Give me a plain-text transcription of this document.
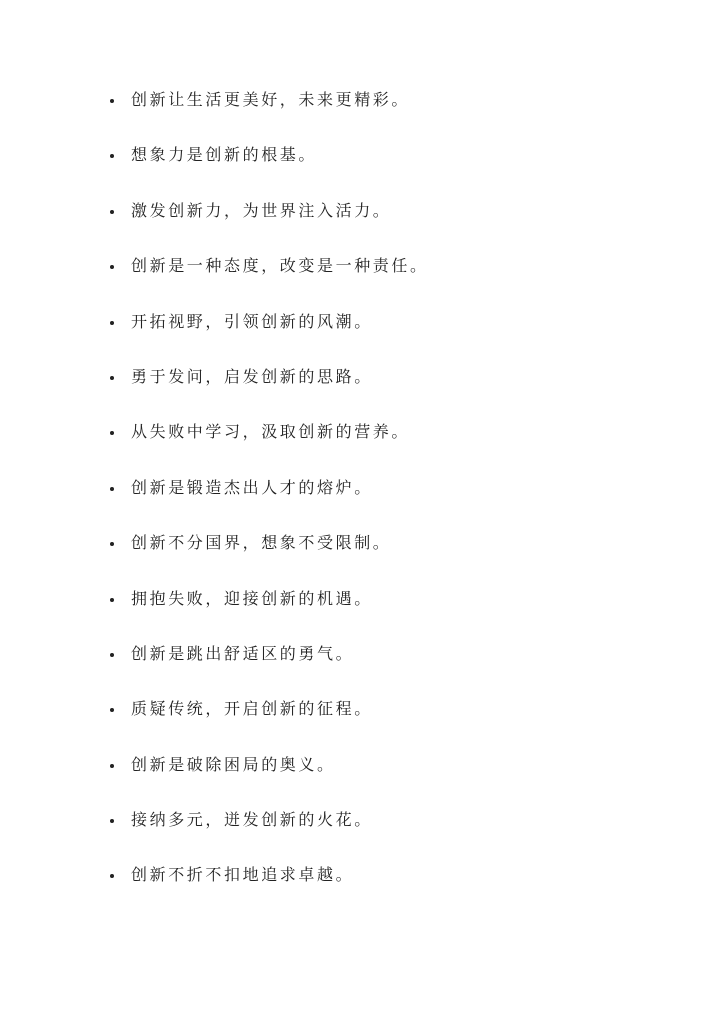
创新让生活更美好，未来更精彩。
想象力是创新的根基。
激发创新力，为世界注入活力。
创新是一种态度，改变是一种责任。
开拓视野，引领创新的风潮。
勇于发问，启发创新的思路。
从失败中学习，汲取创新的营养。
创新是锻造杰出人才的熔炉。
创新不分国界，想象不受限制。
拥抱失败，迎接创新的机遇。
创新是跳出舒适区的勇气。
质疑传统，开启创新的征程。
创新是破除困局的奥义。
接纳多元，迸发创新的火花。
创新不折不扣地追求卓越。
